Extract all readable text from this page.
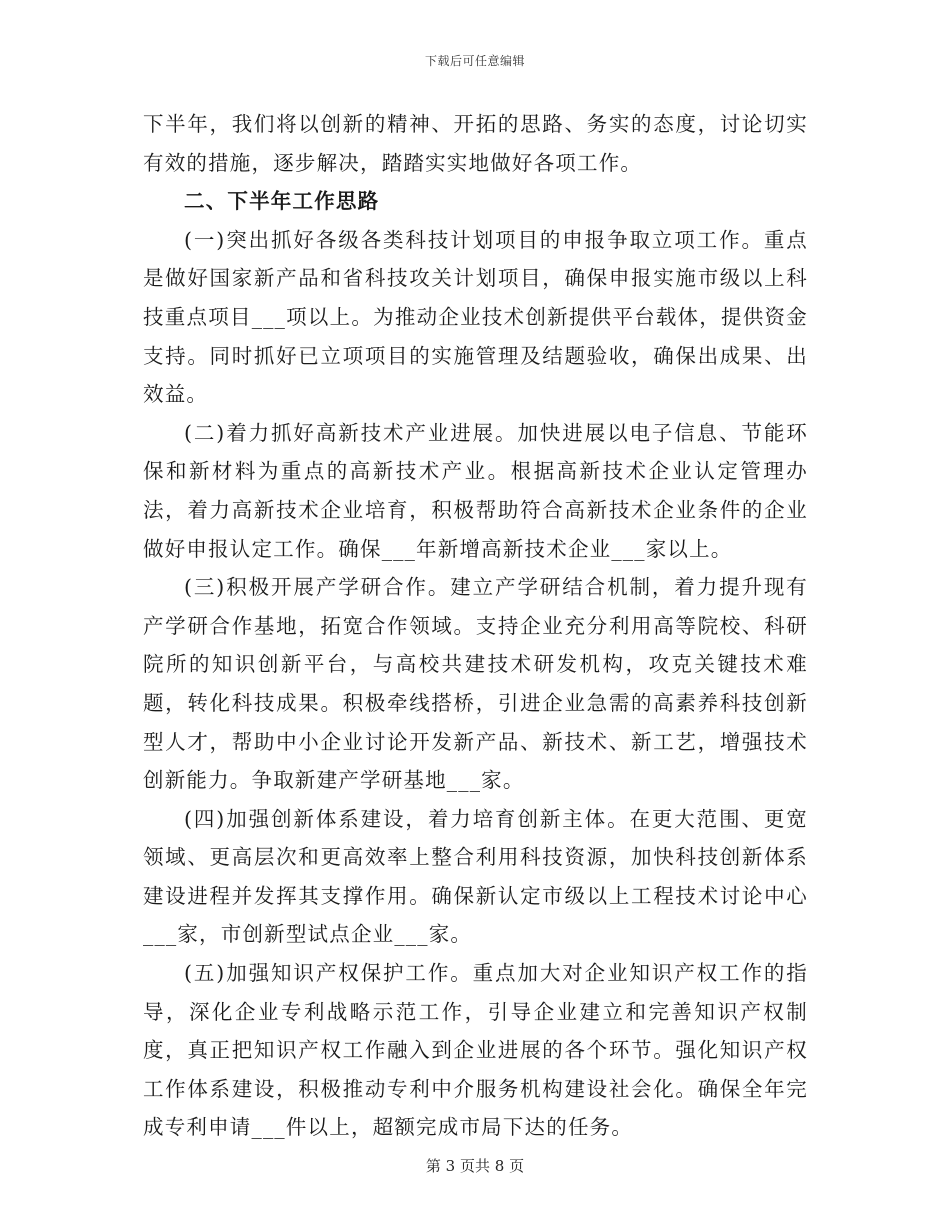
下载后可任意编辑

下半年，我们将以创新的精神、开拓的思路、务实的态度，讨论切实有效的措施，逐步解决，踏踏实实地做好各项工作。

二、下半年工作思路

(一)突出抓好各级各类科技计划项目的申报争取立项工作。重点是做好国家新产品和省科技攻关计划项目，确保申报实施市级以上科技重点项目___项以上。为推动企业技术创新提供平台载体，提供资金支持。同时抓好已立项项目的实施管理及结题验收，确保出成果、出效益。

(二)着力抓好高新技术产业进展。加快进展以电子信息、节能环保和新材料为重点的高新技术产业。根据高新技术企业认定管理办法，着力高新技术企业培育，积极帮助符合高新技术企业条件的企业做好申报认定工作。确保___年新增高新技术企业___家以上。

(三)积极开展产学研合作。建立产学研结合机制，着力提升现有产学研合作基地，拓宽合作领域。支持企业充分利用高等院校、科研院所的知识创新平台，与高校共建技术研发机构，攻克关键技术难题，转化科技成果。积极牵线搭桥，引进企业急需的高素养科技创新型人才，帮助中小企业讨论开发新产品、新技术、新工艺，增强技术创新能力。争取新建产学研基地___家。

(四)加强创新体系建设，着力培育创新主体。在更大范围、更宽领域、更高层次和更高效率上整合利用科技资源，加快科技创新体系建设进程并发挥其支撑作用。确保新认定市级以上工程技术讨论中心___家，市创新型试点企业___家。

(五)加强知识产权保护工作。重点加大对企业知识产权工作的指导，深化企业专利战略示范工作，引导企业建立和完善知识产权制度，真正把知识产权工作融入到企业进展的各个环节。强化知识产权工作体系建设，积极推动专利中介服务机构建设社会化。确保全年完成专利申请___件以上，超额完成市局下达的任务。

第 3 页共 8 页
